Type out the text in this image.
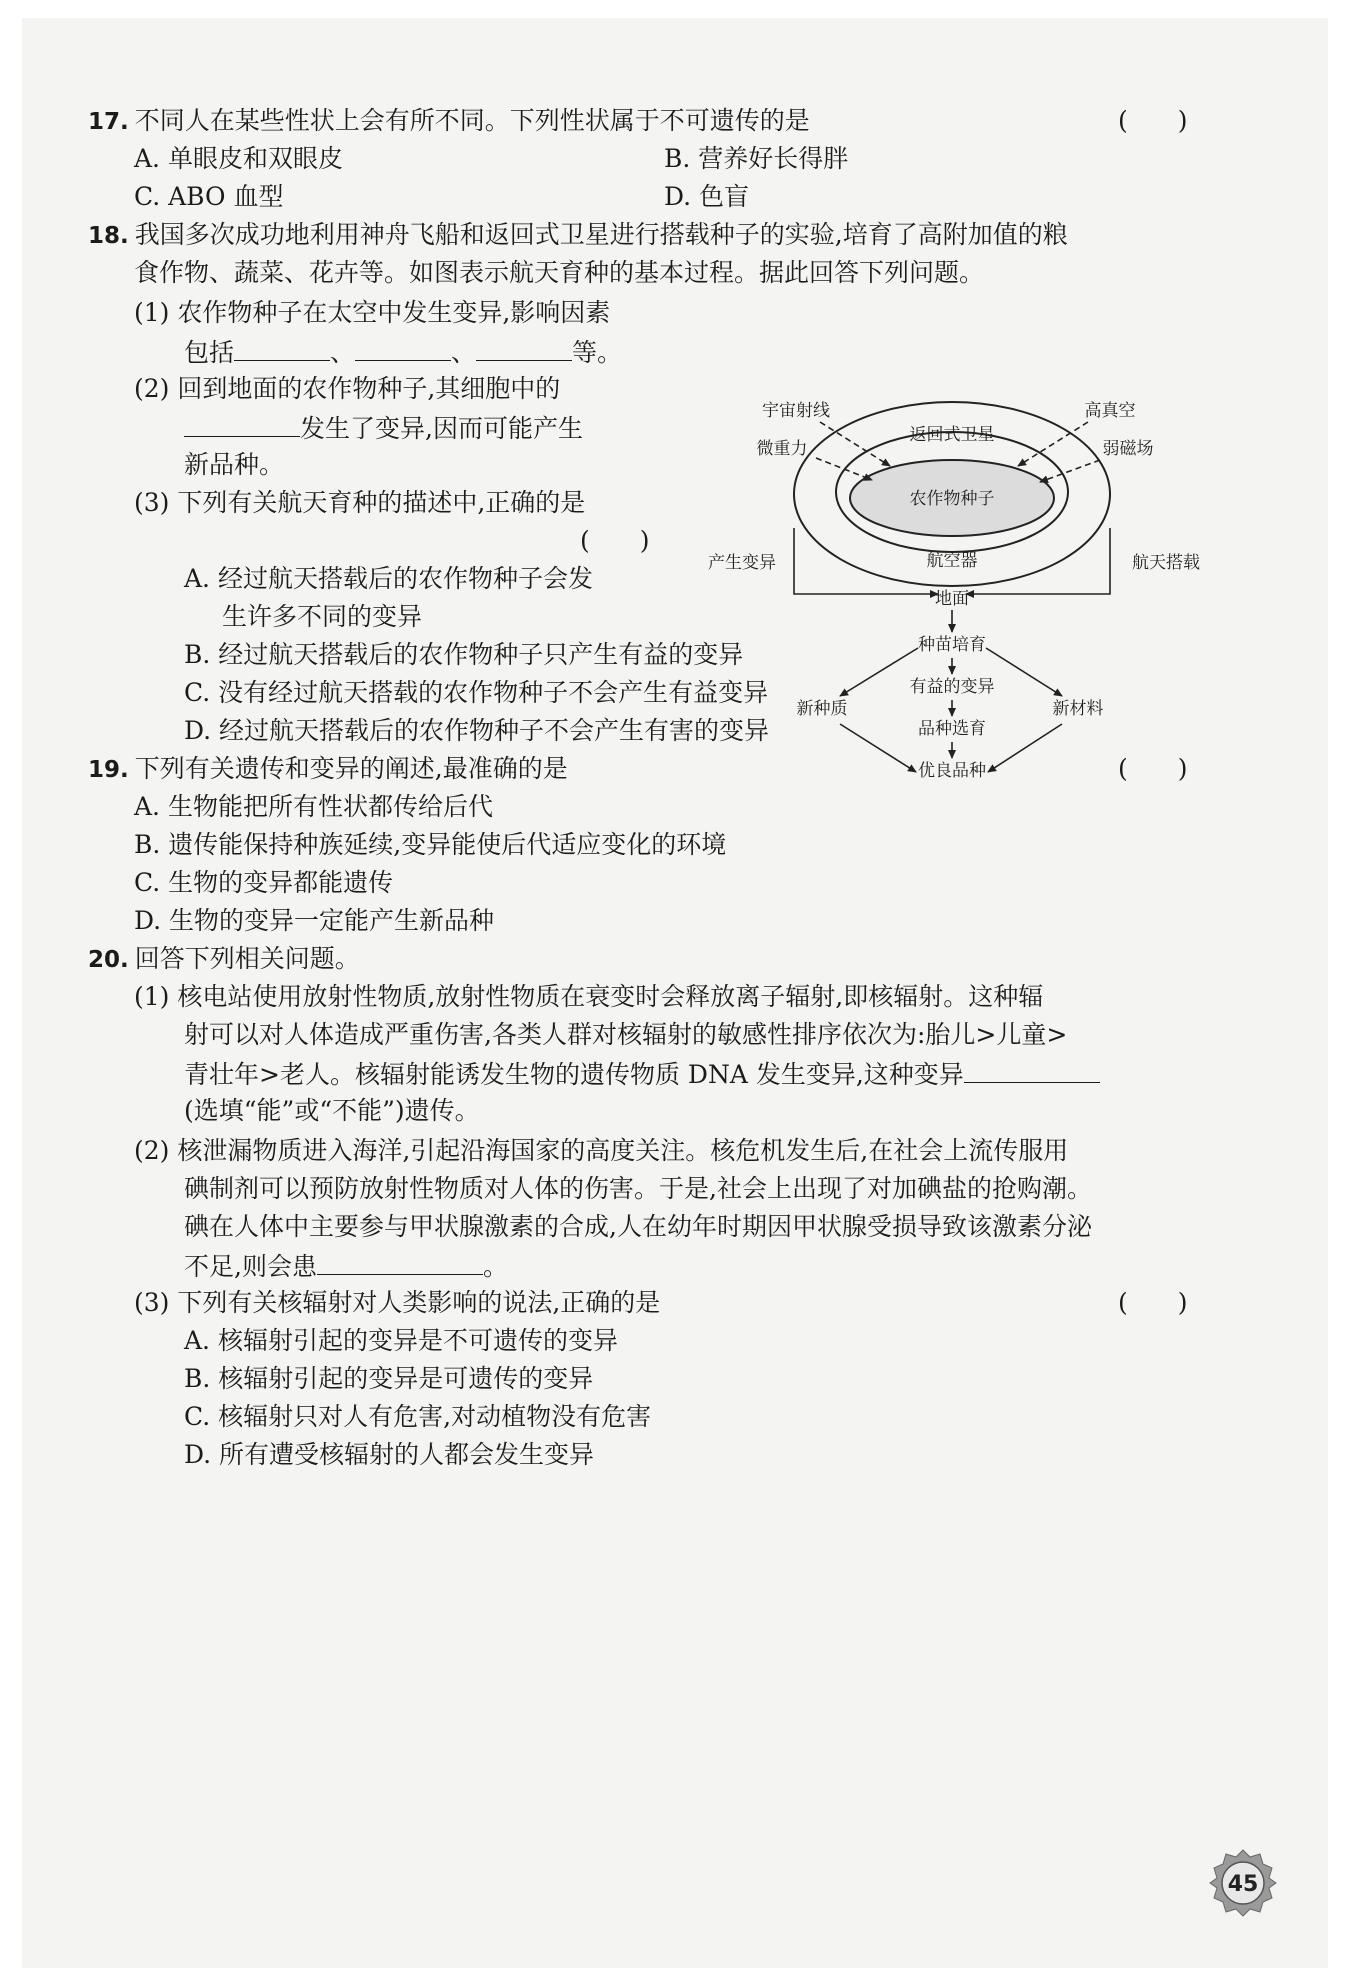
17. 不同人在某些性状上会有所不同。下列性状属于不可遗传的是	(　　)
A. 单眼皮和双眼皮	B. 营养好长得胖
C. ABO 血型	D. 色盲
18. 我国多次成功地利用神舟飞船和返回式卫星进行搭载种子的实验,培育了高附加值的粮
食作物、蔬菜、花卉等。如图表示航天育种的基本过程。据此回答下列问题。
(1) 农作物种子在太空中发生变异,影响因素
包括	、	、	等。
(2) 回到地面的农作物种子,其细胞中的
发生了变异,因而可能产生
新品种。
(3) 下列有关航天育种的描述中,正确的是
(　　)
A. 经过航天搭载后的农作物种子会发
生许多不同的变异
B. 经过航天搭载后的农作物种子只产生有益的变异
C. 没有经过航天搭载的农作物种子不会产生有益变异
D. 经过航天搭载后的农作物种子不会产生有害的变异
农作物种子
返回式卫星
航空器
宇宙射线	高真空
微重力	弱磁场
产生变异	航天搭载
地面
种苗培育
有益的变异
品种选育
优良品种
新种质	新材料
19. 下列有关遗传和变异的阐述,最准确的是	(　　)
A. 生物能把所有性状都传给后代
B. 遗传能保持种族延续,变异能使后代适应变化的环境
C. 生物的变异都能遗传
D. 生物的变异一定能产生新品种
20. 回答下列相关问题。
(1) 核电站使用放射性物质,放射性物质在衰变时会释放离子辐射,即核辐射。这种辐
射可以对人体造成严重伤害,各类人群对核辐射的敏感性排序依次为:胎儿>儿童>
青壮年>老人。核辐射能诱发生物的遗传物质 DNA 发生变异,这种变异
(选填“能”或“不能”)遗传。
(2) 核泄漏物质进入海洋,引起沿海国家的高度关注。核危机发生后,在社会上流传服用
碘制剂可以预防放射性物质对人体的伤害。于是,社会上出现了对加碘盐的抢购潮。
碘在人体中主要参与甲状腺激素的合成,人在幼年时期因甲状腺受损导致该激素分泌
不足,则会患	。
(3) 下列有关核辐射对人类影响的说法,正确的是	(　　)
A. 核辐射引起的变异是不可遗传的变异
B. 核辐射引起的变异是可遗传的变异
C. 核辐射只对人有危害,对动植物没有危害
D. 所有遭受核辐射的人都会发生变异
45
